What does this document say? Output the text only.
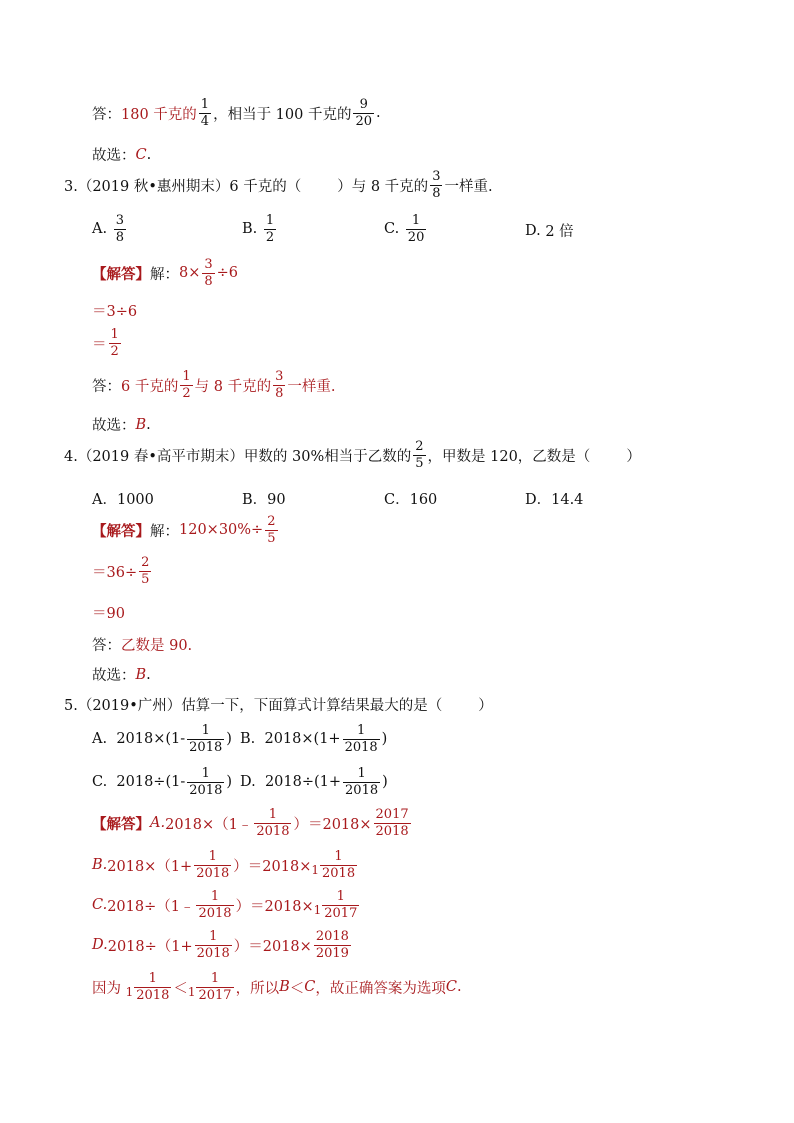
答： 180 千克的 $\frac{1}{4}$ ，相当于 100 千克的 $\frac{9}{20}$ .
故选： C .
3.（2019 秋•惠州期末）6 千克的（ ）与 8 千克的 $\frac{3}{8}$ 一样重.
A.
$\frac{3}{8}$	B.
$\frac{1}{2}$	C.
$\frac{1}{20}$	D.
2 倍
【解答】 解： $8\times \frac{3}{8} \div 6$
＝3÷6
＝ $\frac{1}{2}$
答： 6 千克的 $\frac{1}{2}$ 与 8 千克的 $\frac{3}{8}$ 一样重.
故选： B .
4.（2019 春•高平市期末）甲数的 30%相当于乙数的 $\frac{2}{5}$ ，甲数是 120，乙数是（ ）
A．1000	B．90	C．160	D．14.4
【解答】 解： $120\times 30\%\div \frac{2}{5}$
$=36\div \frac{2}{5}$
＝90
答： 乙数是 90.
故选： B .
5.（2019•广州）估算一下，下面算式计算结果最大的是（ ）
A.
$2018\times(1- \frac{1}{2018}$ ) B.
$2018\times(1+ \frac{1}{2018}$ )
C.
$2018\div(1- \frac{1}{2018}$ ) D.
$2018\div(1+ \frac{1}{2018}$ )
【解答】 A. 2018×（1﹣ $\frac{1}{2018} )=2018\times \frac{2017}{2018}$
B. $2018\times(1+ \frac{1}{2018} )=2018\times 1 \frac{1}{2018}$
C. 2018÷（1﹣ $\frac{1}{2018} )=2018\times 1 \frac{1}{2017}$
D. $2018\div(1+ \frac{1}{2018} )=2018\times \frac{2018}{2019}$
因为
$1 \frac{1}{2018} < 1 \frac{1}{2017}$ ，所以 B ＜ C ，故正确答案为选项 C .
